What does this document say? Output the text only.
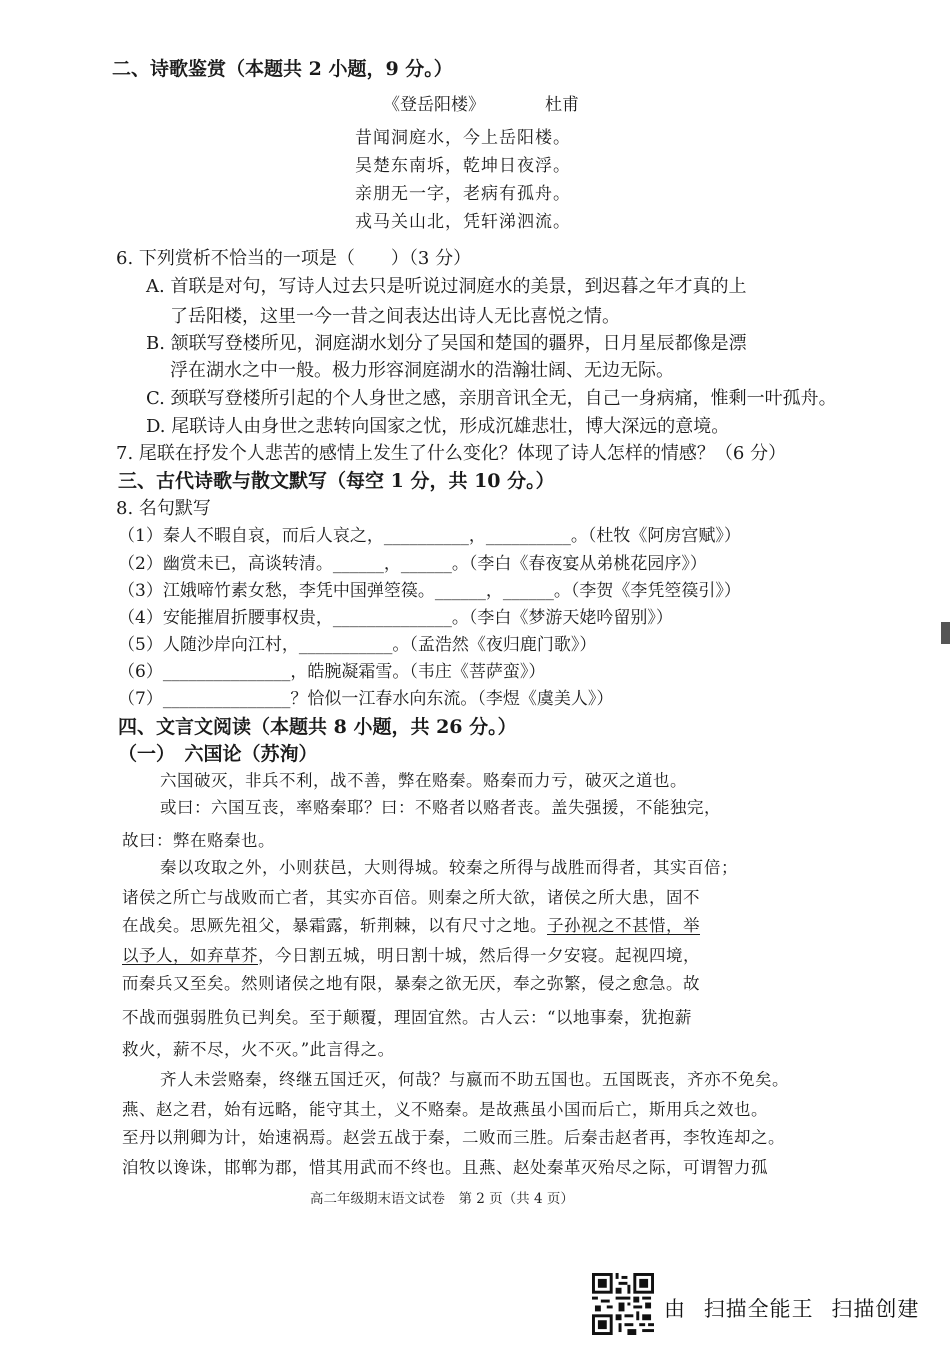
二、诗歌鉴赏（本题共 2 小题，9 分。）
《登岳阳楼》	杜甫
昔闻洞庭水，今上岳阳楼。
吴楚东南坼，乾坤日夜浮。
亲朋无一字，老病有孤舟。
戎马关山北，凭轩涕泗流。
6. 下列赏析不恰当的一项是（　　）（3 分）
A. 首联是对句，写诗人过去只是听说过洞庭水的美景，到迟暮之年才真的上
了岳阳楼，这里一今一昔之间表达出诗人无比喜悦之情。
B. 颔联写登楼所见，洞庭湖水划分了吴国和楚国的疆界，日月星辰都像是漂
浮在湖水之中一般。极力形容洞庭湖水的浩瀚壮阔、无边无际。
C. 颈联写登楼所引起的个人身世之感，亲朋音讯全无，自己一身病痛，惟剩一叶孤舟。
D. 尾联诗人由身世之悲转向国家之忧，形成沉雄悲壮，博大深远的意境。
7. 尾联在抒发个人悲苦的感情上发生了什么变化？体现了诗人怎样的情感？（6 分）
三、古代诗歌与散文默写（每空 1 分，共 10 分。）
8. 名句默写
（1）秦人不暇自哀，而后人哀之，__________，__________。（杜牧《阿房宫赋》）
（2）幽赏未已，高谈转清。______，______。（李白《春夜宴从弟桃花园序》）
（3）江娥啼竹素女愁，李凭中国弹箜篌。______，______。（李贺《李凭箜篌引》）
（4）安能摧眉折腰事权贵，______________。（李白《梦游天姥吟留别》）
（5）人随沙岸向江村，___________。（孟浩然《夜归鹿门歌》）
（6）_______________，皓腕凝霜雪。（韦庄《菩萨蛮》）
（7）_______________？恰似一江春水向东流。（李煜《虞美人》）
四、文言文阅读（本题共 8 小题，共 26 分。）
（一）　六国论（苏洵）
六国破灭，非兵不利，战不善，弊在赂秦。赂秦而力亏，破灭之道也。
或曰：六国互丧，率赂秦耶？曰：不赂者以赂者丧。盖失强援，不能独完，
故曰：弊在赂秦也。
秦以攻取之外，小则获邑，大则得城。较秦之所得与战胜而得者，其实百倍；
诸侯之所亡与战败而亡者，其实亦百倍。则秦之所大欲，诸侯之所大患，固不
在战矣。思厥先祖父，暴霜露，斩荆棘，以有尺寸之地。子孙视之不甚惜，举
以予人，如弃草芥，今日割五城，明日割十城，然后得一夕安寝。起视四境，
而秦兵又至矣。然则诸侯之地有限，暴秦之欲无厌，奉之弥繁，侵之愈急。故
不战而强弱胜负已判矣。至于颠覆，理固宜然。古人云：“以地事秦，犹抱薪
救火，薪不尽，火不灭。”此言得之。
齐人未尝赂秦，终继五国迁灭，何哉？与嬴而不助五国也。五国既丧，齐亦不免矣。
燕、赵之君，始有远略，能守其土，义不赂秦。是故燕虽小国而后亡，斯用兵之效也。
至丹以荆卿为计，始速祸焉。赵尝五战于秦，二败而三胜。后秦击赵者再，李牧连却之。
洎牧以谗诛，邯郸为郡，惜其用武而不终也。且燕、赵处秦革灭殆尽之际，可谓智力孤
高二年级期末语文试卷　第 2 页（共 4 页）
由 扫描全能王 扫描创建
